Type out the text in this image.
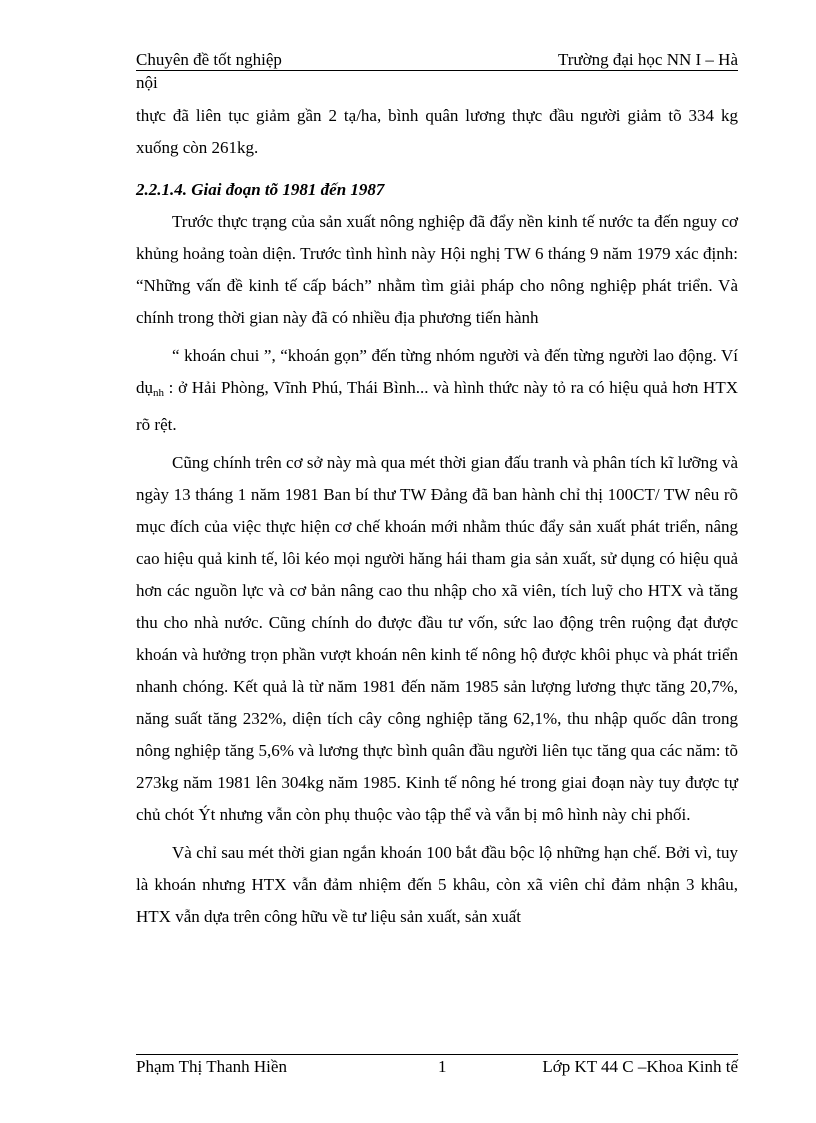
Chuyên đề tốt nghiệp	Trường đại học NN I – Hà
nội

thực đã liên tục giảm gần 2 tạ/ha, bình quân lương thực đầu người giảm tõ 334 kg xuống còn 261kg.

2.2.1.4. Giai đoạn tõ 1981 đến 1987

Trước thực trạng của sản xuất nông nghiệp đã đẩy nền kinh tế nước ta đến nguy cơ khủng hoảng toàn diện. Trước tình hình này Hội nghị TW 6 tháng 9 năm 1979 xác định: “Những vấn đề kinh tế cấp bách” nhằm tìm giải pháp cho nông nghiệp phát triển. Và chính trong thời gian này đã có nhiều địa phương tiến hành

“ khoán chui ”, “khoán gọn” đến từng nhóm người và đến từng người lao động. Ví dụ$_{nh}$ : ở Hải Phòng, Vĩnh Phú, Thái Bình... và hình thức này tỏ ra có hiệu quả hơn HTX rõ rệt.

Cũng chính trên cơ sở này mà qua mét thời gian đấu tranh và phân tích kĩ lưỡng và ngày 13 tháng 1 năm 1981 Ban bí thư TW Đảng đã ban hành chỉ thị 100CT/ TW nêu rõ mục đích của việc thực hiện cơ chế khoán mới nhằm thúc đẩy sản xuất phát triển, nâng cao hiệu quả kinh tế, lôi kéo mọi người hăng hái tham gia sản xuất, sử dụng có hiệu quả hơn các nguồn lực và cơ bản nâng cao thu nhập cho xã viên, tích luỹ cho HTX và tăng thu cho nhà nước. Cũng chính do được đầu tư vốn, sức lao động trên ruộng đạt được khoán và hưởng trọn phần vượt khoán nên kinh tế nông hộ được khôi phục và phát triển nhanh chóng. Kết quả là từ năm 1981 đến năm 1985 sản lượng lương thực tăng 20,7%, năng suất tăng 232%, diện tích cây công nghiệp tăng 62,1%, thu nhập quốc dân trong nông nghiệp tăng 5,6% và lương thực bình quân đầu người liên tục tăng qua các năm: tõ 273kg năm 1981 lên 304kg năm 1985. Kinh tế nông hé trong giai đoạn này tuy được tự chủ chót Ýt nhưng vẫn còn phụ thuộc vào tập thể và vẫn bị mô hình này chi phối.

Và chỉ sau mét thời gian ngắn khoán 100 bắt đầu bộc lộ những hạn chế. Bởi vì, tuy là khoán nhưng HTX vẫn đảm nhiệm đến 5 khâu, còn xã viên chỉ đảm nhận 3 khâu, HTX vẫn dựa trên công hữu về tư liệu sản xuất, sản xuất

Phạm Thị Thanh Hiền	1	Lớp KT 44 C –Khoa Kinh tế
